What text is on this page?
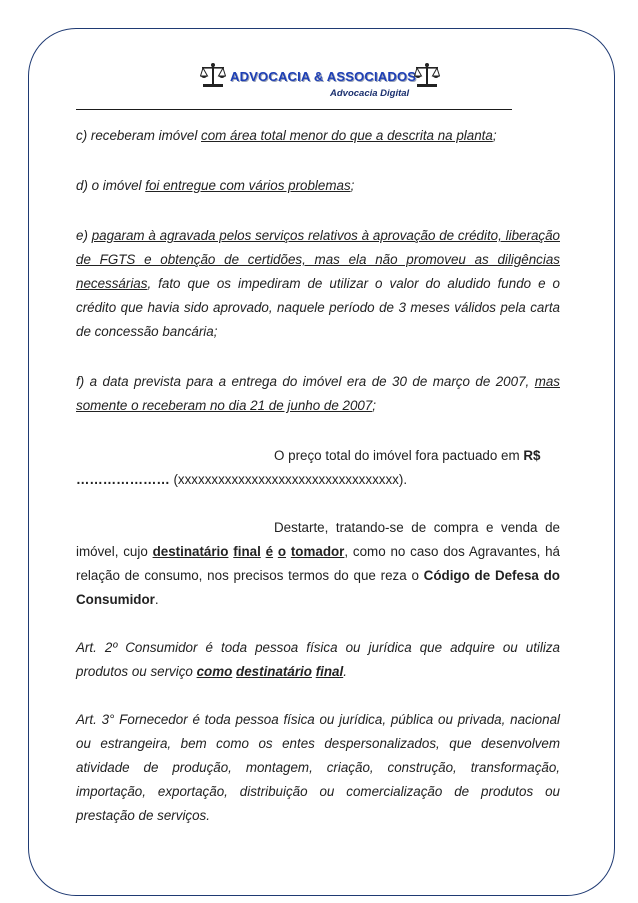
ADVOCACIA & ASSOCIADOS
Advocacia Digital

c) receberam imóvel com área total menor do que a descrita na planta;

d) o imóvel foi entregue com vários problemas;

e) pagaram à agravada pelos serviços relativos à aprovação de crédito, liberação de FGTS e obtenção de certidões, mas ela não promoveu as diligências necessárias, fato que os impediram de utilizar o valor do aludido fundo e o crédito que havia sido aprovado, naquele período de 3 meses válidos pela carta de concessão bancária;

f) a data prevista para a entrega do imóvel era de 30 de março de 2007, mas somente o receberam no dia 21 de junho de 2007;

O preço total do imóvel fora pactuado em R$
………………… (xxxxxxxxxxxxxxxxxxxxxxxxxxxxxxxxx).

Destarte, tratando-se de compra e venda de imóvel, cujo destinatário final é o tomador, como no caso dos Agravantes, há relação de consumo, nos precisos termos do que reza o Código de Defesa do Consumidor.

Art. 2º Consumidor é toda pessoa física ou jurídica que adquire ou utiliza produtos ou serviço como destinatário final.

Art. 3° Fornecedor é toda pessoa física ou jurídica, pública ou privada, nacional ou estrangeira, bem como os entes despersonalizados, que desenvolvem atividade de produção, montagem, criação, construção, transformação, importação, exportação, distribuição ou comercialização de produtos ou prestação de serviços.
